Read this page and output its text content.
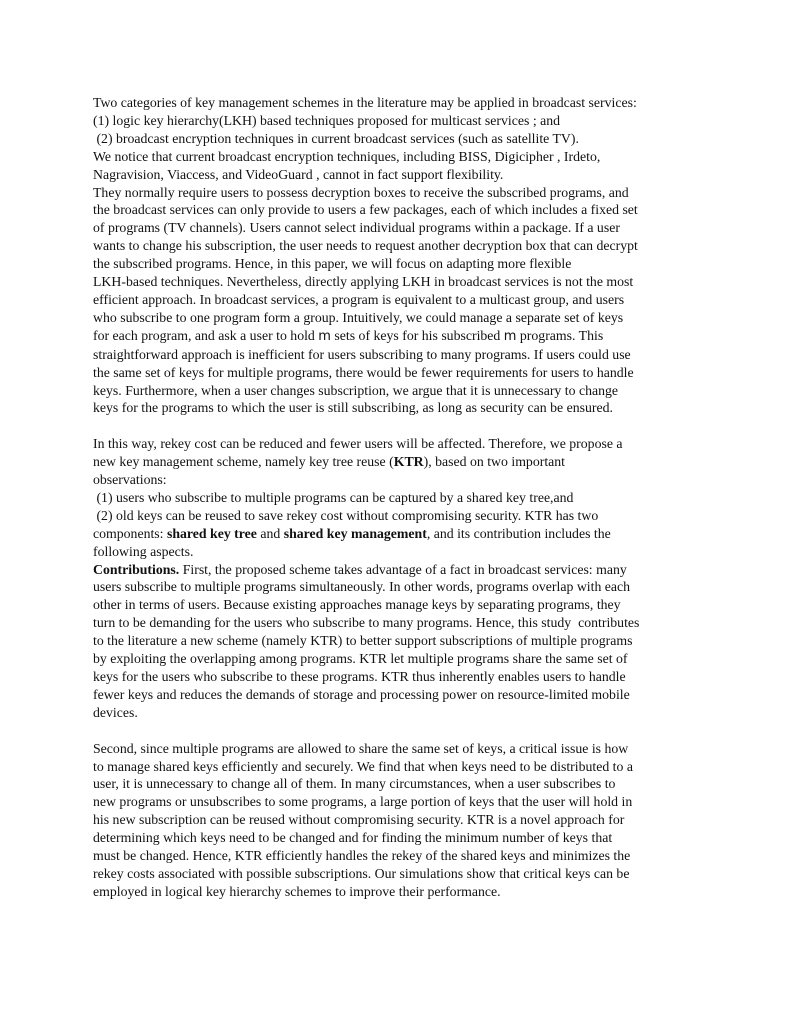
Two categories of key management schemes in the literature may be applied in broadcast services:
(1) logic key hierarchy(LKH) based techniques proposed for multicast services ; and
(2) broadcast encryption techniques in current broadcast services (such as satellite TV).
We notice that current broadcast encryption techniques, including BISS, Digicipher , Irdeto,
Nagravision, Viaccess, and VideoGuard , cannot in fact support flexibility.
They normally require users to possess decryption boxes to receive the subscribed programs, and
the broadcast services can only provide to users a few packages, each of which includes a fixed set
of programs (TV channels). Users cannot select individual programs within a package. If a user
wants to change his subscription, the user needs to request another decryption box that can decrypt
the subscribed programs. Hence, in this paper, we will focus on adapting more flexible
LKH-based techniques. Nevertheless, directly applying LKH in broadcast services is not the most
efficient approach. In broadcast services, a program is equivalent to a multicast group, and users
who subscribe to one program form a group. Intuitively, we could manage a separate set of keys
for each program, and ask a user to hold m sets of keys for his subscribed m programs. This
straightforward approach is inefficient for users subscribing to many programs. If users could use
the same set of keys for multiple programs, there would be fewer requirements for users to handle
keys. Furthermore, when a user changes subscription, we argue that it is unnecessary to change
keys for the programs to which the user is still subscribing, as long as security can be ensured.
In this way, rekey cost can be reduced and fewer users will be affected. Therefore, we propose a
new key management scheme, namely key tree reuse (KTR), based on two important
observations:
(1) users who subscribe to multiple programs can be captured by a shared key tree,and
(2) old keys can be reused to save rekey cost without compromising security. KTR has two
components: shared key tree and shared key management, and its contribution includes the
following aspects.
Contributions. First, the proposed scheme takes advantage of a fact in broadcast services: many
users subscribe to multiple programs simultaneously. In other words, programs overlap with each
other in terms of users. Because existing approaches manage keys by separating programs, they
turn to be demanding for the users who subscribe to many programs. Hence, this study  contributes
to the literature a new scheme (namely KTR) to better support subscriptions of multiple programs
by exploiting the overlapping among programs. KTR let multiple programs share the same set of
keys for the users who subscribe to these programs. KTR thus inherently enables users to handle
fewer keys and reduces the demands of storage and processing power on resource-limited mobile
devices.
Second, since multiple programs are allowed to share the same set of keys, a critical issue is how
to manage shared keys efficiently and securely. We find that when keys need to be distributed to a
user, it is unnecessary to change all of them. In many circumstances, when a user subscribes to
new programs or unsubscribes to some programs, a large portion of keys that the user will hold in
his new subscription can be reused without compromising security. KTR is a novel approach for
determining which keys need to be changed and for finding the minimum number of keys that
must be changed. Hence, KTR efficiently handles the rekey of the shared keys and minimizes the
rekey costs associated with possible subscriptions. Our simulations show that critical keys can be
employed in logical key hierarchy schemes to improve their performance.
